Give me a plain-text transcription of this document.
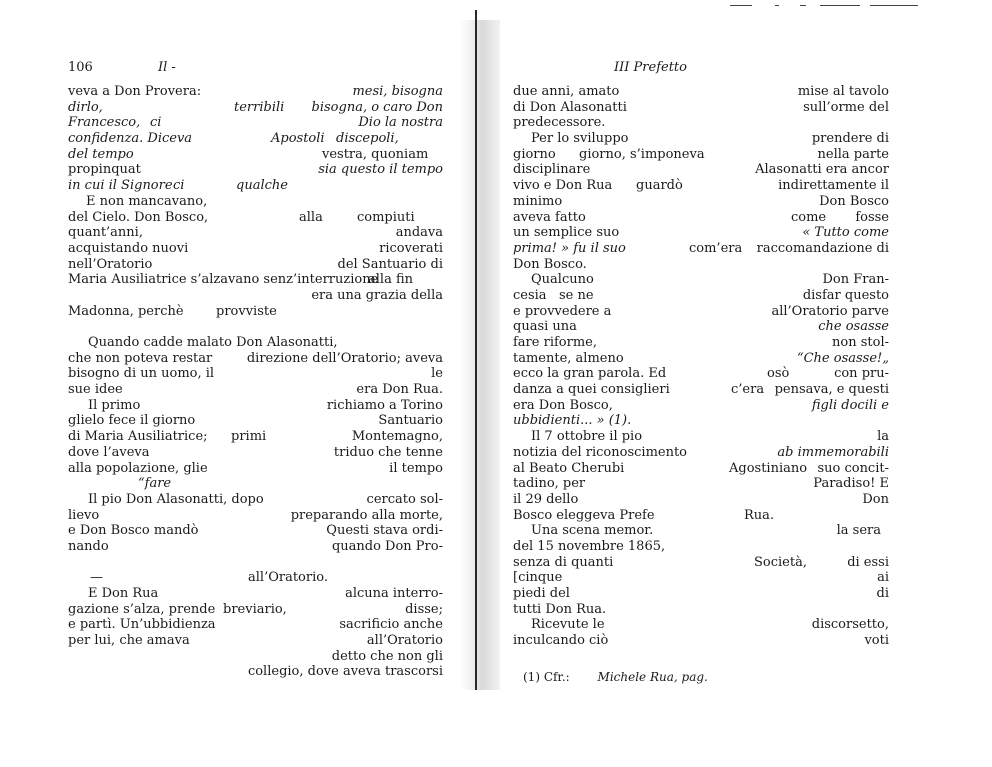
106	Il -
veva a Don Provera:	mesi, bisogna
dirlo,	terribili bisogna, o caro Don
Francesco, ci	Dio la nostra
confidenza. Diceva	Apostoli discepoli,
del tempo	vestra, quoniam
propinquat	sia questo il tempo
in cui il Signore ci	qualche
E non mancavano,
del Cielo. Don Bosco,	alla	compiuti
quant’anni,	andava
acquistando nuovi	ricoverati
nell’Oratorio	del Santuario di
Maria Ausiliatrice s’alzavano senz’interruzione
alla fin
era una grazia della
Madonna, perchè provviste
Quando cadde malato Don Alasonatti,
che non poteva restar	direzione dell’Oratorio; aveva
bisogno di un uomo, il	le
sue idee	era Don Rua.
Il primo	richiamo a Torino
glielo fece il giorno	Santuario
di Maria Ausiliatrice; primi	Montemagno,
dove l’aveva	triduo che tenne
alla popolazione, glie	il tempo
“fare
Il pio Don Alasonatti, dopo	cercato sol-
lievo	preparando alla morte,
e Don Bosco mandò	Questi stava ordi-
nando	quando Don Pro-
—	all’Oratorio.
E Don Rua	alcuna interro-
gazione s’alza, prende breviario,	disse;
e partì. Un’ubbidienza	sacrificio anche
per lui, che amava	all’Oratorio
detto che non gli
collegio, dove aveva trascorsi
III Prefetto
due anni, amato	mise al tavolo
di Don Alasonatti	sull’orme del
predecessore.
Per lo sviluppo	prendere di
giorno giorno, s’imponeva	nella parte
disciplinare	Alasonatti era ancor
vivo e Don Rua guardò	indirettamente il
minimo	Don Bosco
aveva fatto	come fosse
un semplice suo	« Tutto come
prima! » fu il suo	com’era raccomandazione di
Don Bosco.
Qualcuno	Don Fran-
cesia se ne	disfar questo
e provvedere a	all’Oratorio parve
quasi una	che osasse
fare riforme,	non stol-
tamente, almeno	“Che osasse!„
ecco la gran parola. Ed	osò	con pru-
danza a quei consiglieri	c’era pensava, e questi
era Don Bosco,	figli docili e
ubbidienti... » (1).
Il 7 ottobre il pio	la
notizia del riconoscimento	ab immemorabili
al Beato Cherubi	Agostiniano suo concit-
tadino, per	Paradiso! E
il 29 dello	Don
Bosco eleggeva Prefe	Rua.
Una scena memor.	la sera
del 15 novembre 1865,
senza di quanti	Società,	di essi
[cinque	ai
piedi del	di
tutti Don Rua.
Ricevute le	discorsetto,
inculcando ciò	voti
(1) Cfr.: Michele Rua, pag.
